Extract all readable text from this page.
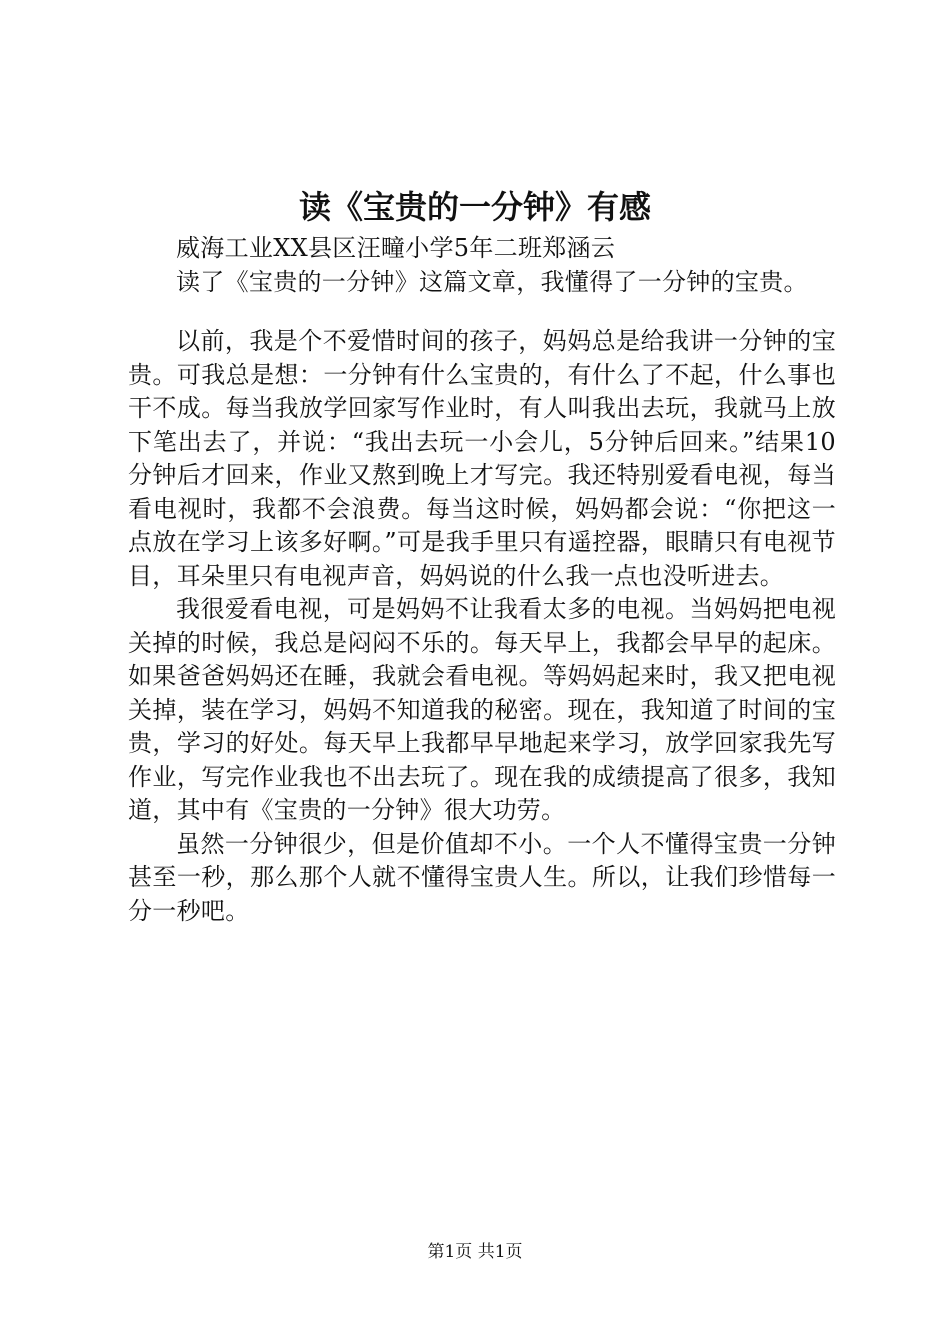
读《宝贵的一分钟》有感

威海工业XX县区汪疃小学5年二班郑涵云

读了《宝贵的一分钟》这篇文章，我懂得了一分钟的宝贵。

以前，我是个不爱惜时间的孩子，妈妈总是给我讲一分钟的宝贵。可我总是想：一分钟有什么宝贵的，有什么了不起，什么事也干不成。每当我放学回家写作业时，有人叫我出去玩，我就马上放下笔出去了，并说：“我出去玩一小会儿，5分钟后回来。”结果10分钟后才回来，作业又熬到晚上才写完。我还特别爱看电视，每当看电视时，我都不会浪费。每当这时候，妈妈都会说：“你把这一点放在学习上该多好啊。”可是我手里只有遥控器，眼睛只有电视节目，耳朵里只有电视声音，妈妈说的什么我一点也没听进去。

我很爱看电视，可是妈妈不让我看太多的电视。当妈妈把电视关掉的时候，我总是闷闷不乐的。每天早上，我都会早早的起床。如果爸爸妈妈还在睡，我就会看电视。等妈妈起来时，我又把电视关掉，装在学习，妈妈不知道我的秘密。现在，我知道了时间的宝贵，学习的好处。每天早上我都早早地起来学习，放学回家我先写作业，写完作业我也不出去玩了。现在我的成绩提高了很多，我知道，其中有《宝贵的一分钟》很大功劳。

虽然一分钟很少，但是价值却不小。一个人不懂得宝贵一分钟甚至一秒，那么那个人就不懂得宝贵人生。所以，让我们珍惜每一分一秒吧。

第1页 共1页
